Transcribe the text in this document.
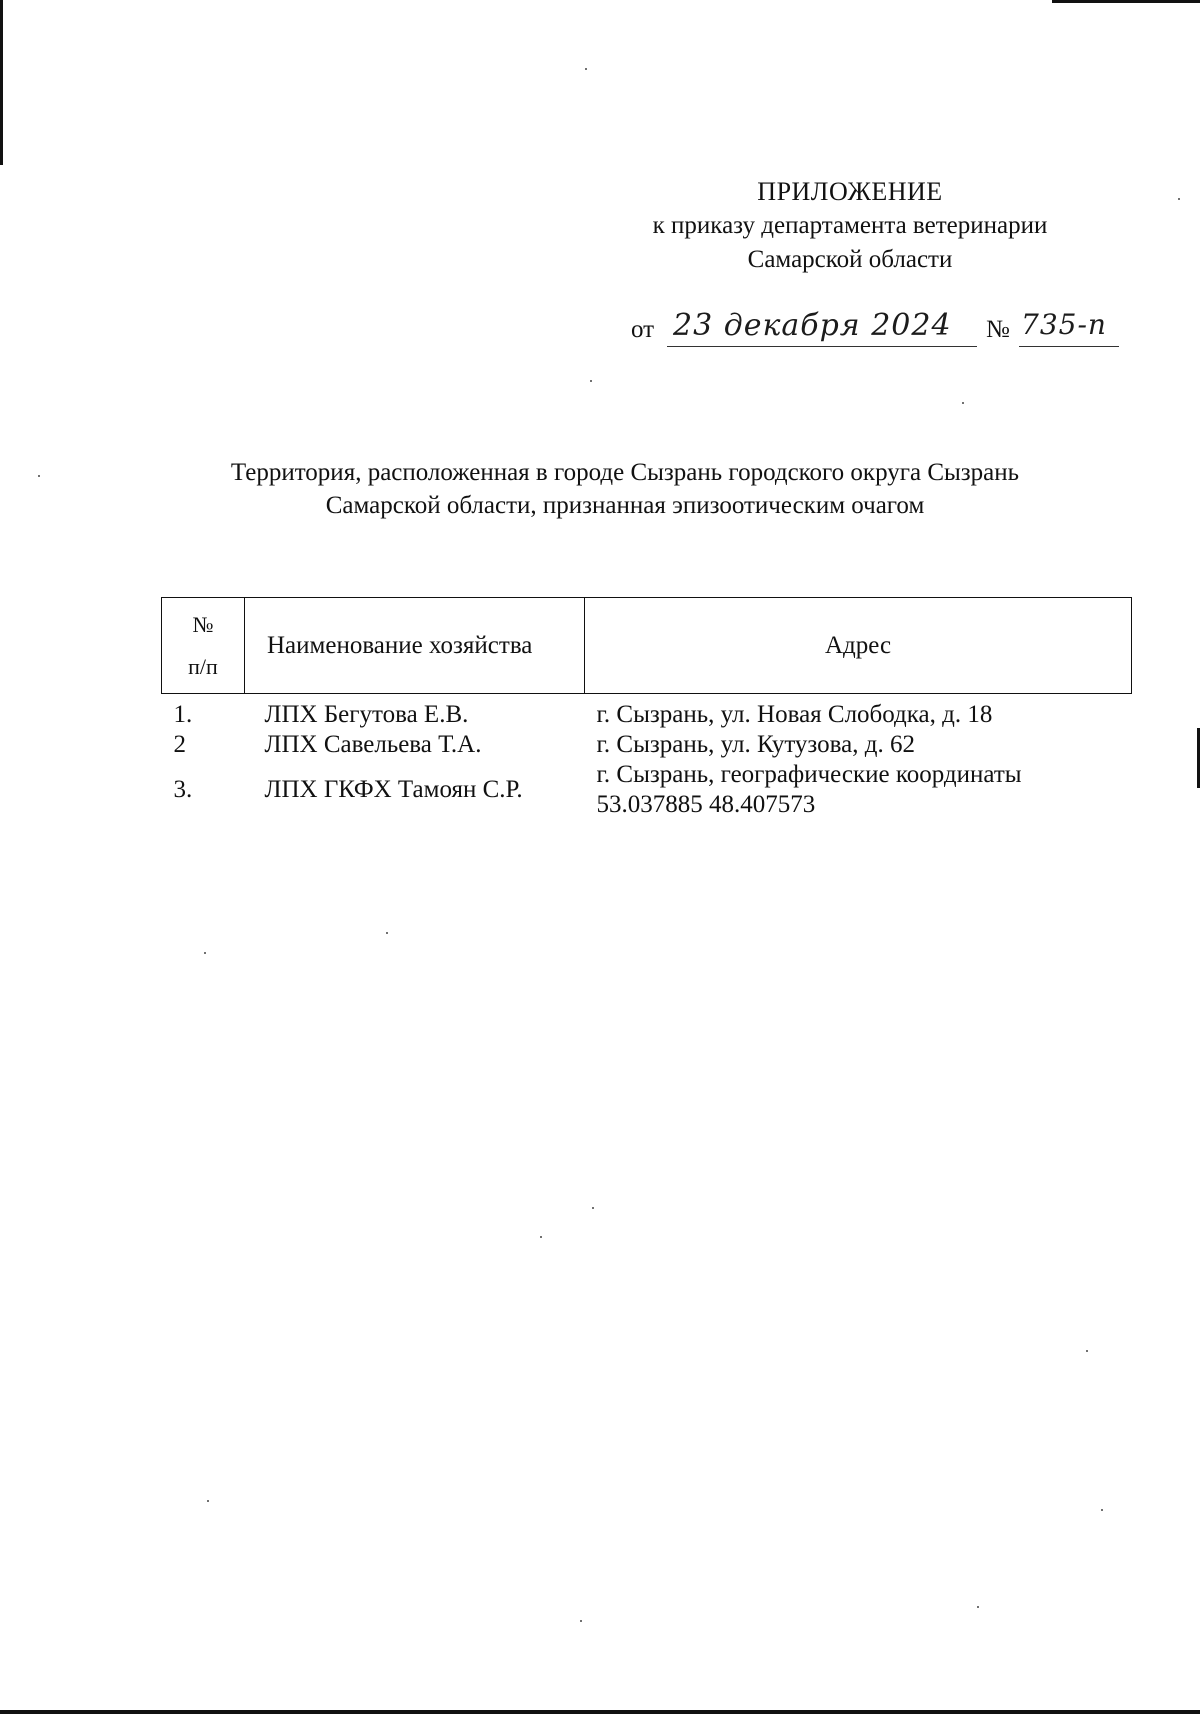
ПРИЛОЖЕНИЕ
к приказу департамента ветеринарии
Самарской области
от 23 декабря 2024 № 735-п
Территория, расположенная в городе Сызрань городского округа Сызрань
Самарской области, признанная эпизоотическим очагом
№
п/п	Наименование хозяйства	Адрес
1.	ЛПХ Бегутова Е.В.	г. Сызрань, ул. Новая Слободка, д. 18
2	ЛПХ Савельева Т.А.	г. Сызрань, ул. Кутузова, д. 62
3.	ЛПХ ГКФХ Тамоян С.Р.	г. Сызрань, географические координаты
53.037885 48.407573
